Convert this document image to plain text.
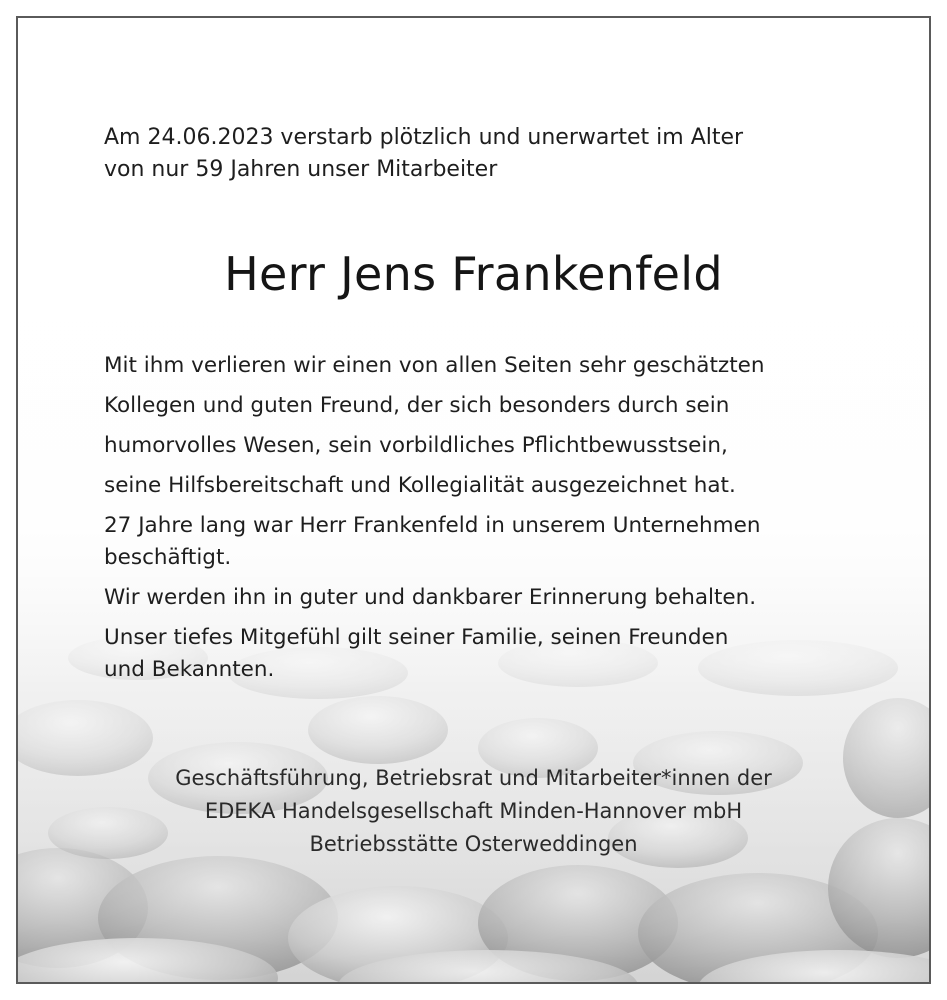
Am 24.06.2023 verstarb plötzlich und unerwartet im Alter
von nur 59 Jahren unser Mitarbeiter

Herr Jens Frankenfeld

Mit ihm verlieren wir einen von allen Seiten sehr geschätzten
Kollegen und guten Freund, der sich besonders durch sein
humorvolles Wesen, sein vorbildliches Pflichtbewusstsein,
seine Hilfsbereitschaft und Kollegialität ausgezeichnet hat.

27 Jahre lang war Herr Frankenfeld in unserem Unternehmen
beschäftigt.

Wir werden ihn in guter und dankbarer Erinnerung behalten.

Unser tiefes Mitgefühl gilt seiner Familie, seinen Freunden
und Bekannten.

Geschäftsführung, Betriebsrat und Mitarbeiter*innen der
EDEKA Handelsgesellschaft Minden-Hannover mbH
Betriebsstätte Osterweddingen
